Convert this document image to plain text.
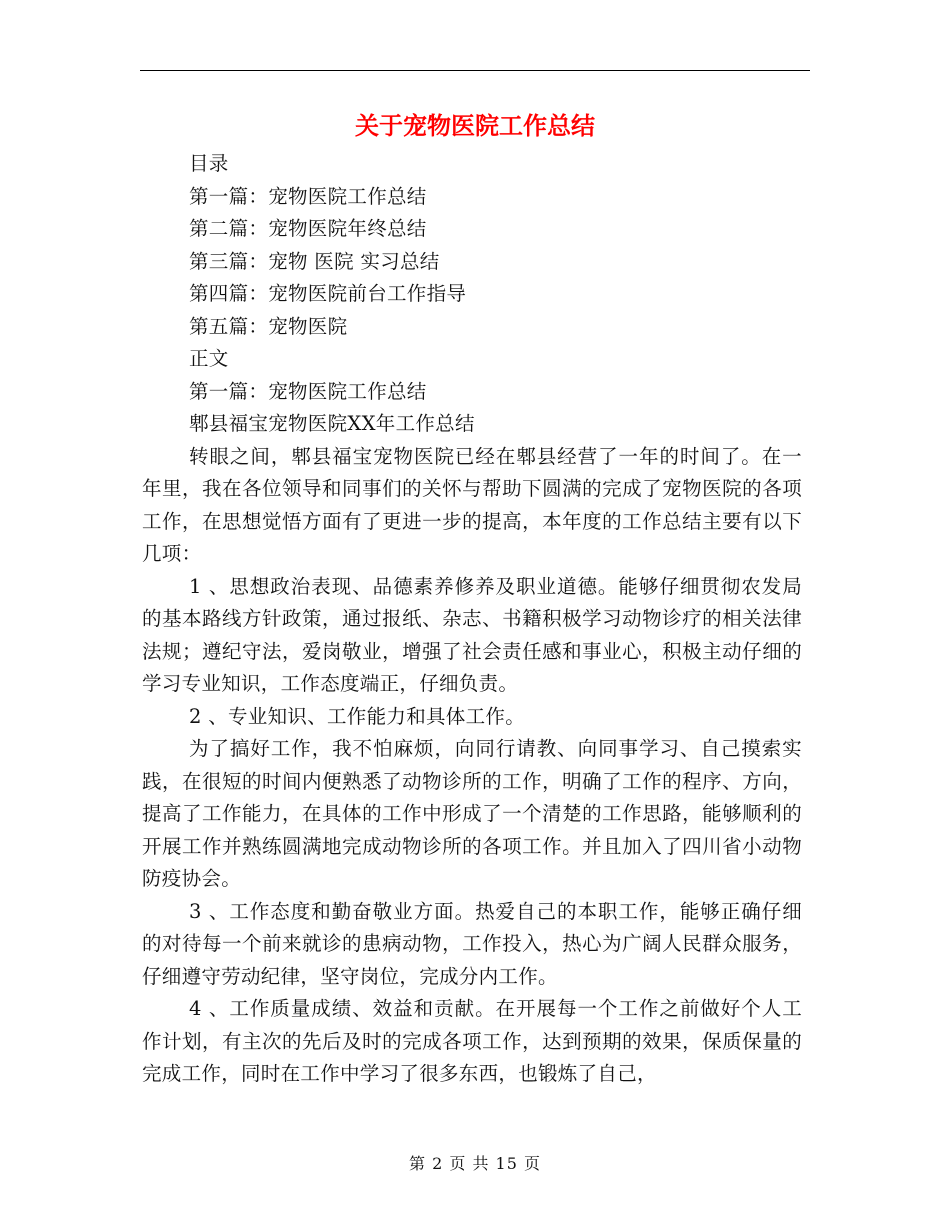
关于宠物医院工作总结

目录

第一篇：宠物医院工作总结

第二篇：宠物医院年终总结

第三篇：宠物 医院 实习总结

第四篇：宠物医院前台工作指导

第五篇：宠物医院

正文

第一篇：宠物医院工作总结

郫县福宝宠物医院XX年工作总结

转眼之间，郫县福宝宠物医院已经在郫县经营了一年的时间了。在一年里，我在各位领导和同事们的关怀与帮助下圆满的完成了宠物医院的各项工作，在思想觉悟方面有了更进一步的提高，本年度的工作总结主要有以下几项：

1 、思想政治表现、品德素养修养及职业道德。能够仔细贯彻农发局的基本路线方针政策，通过报纸、杂志、书籍积极学习动物诊疗的相关法律法规；遵纪守法，爱岗敬业，增强了社会责任感和事业心，积极主动仔细的学习专业知识，工作态度端正，仔细负责。

2 、专业知识、工作能力和具体工作。

为了搞好工作，我不怕麻烦，向同行请教、向同事学习、自己摸索实践，在很短的时间内便熟悉了动物诊所的工作，明确了工作的程序、方向，提高了工作能力，在具体的工作中形成了一个清楚的工作思路，能够顺利的开展工作并熟练圆满地完成动物诊所的各项工作。并且加入了四川省小动物防疫协会。

3 、工作态度和勤奋敬业方面。热爱自己的本职工作，能够正确仔细的对待每一个前来就诊的患病动物，工作投入，热心为广阔人民群众服务，仔细遵守劳动纪律，坚守岗位，完成分内工作。

4 、工作质量成绩、效益和贡献。在开展每一个工作之前做好个人工作计划，有主次的先后及时的完成各项工作，达到预期的效果，保质保量的完成工作，同时在工作中学习了很多东西，也锻炼了自己，

第 2 页 共 15 页
